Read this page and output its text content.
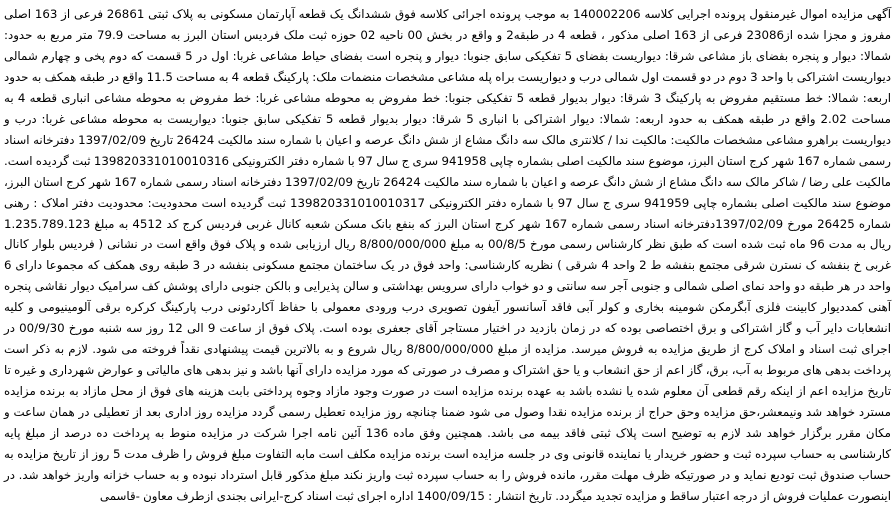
آگهی مزایده اموال غیرمنقول پرونده اجرایی کلاسه 140002206 به موجب پرونده اجرائی کلاسه فوق ششدانگ یک قطعه آپارتمان مسکونی به پلاک ثبتی 26861 فرعی از 163 اصلی مفروز و مجزا شده از23086 فرعی از 163 اصلی مذکور ، قطعه 4 در طبقه2 و واقع در بخش 00 ناحیه 02 حوزه ثبت ملک فردیس استان البرز به مساحت 79.9 متر مربع به حدود: شمالا: دیوار و پنجره بفضای باز مشاعی شرقا: دیواریست بفضای 5 تفکیکی سابق جنوبا: دیوار و پنجره است بفضای حیاط مشاعی غربا: اول در 5 قسمت که دوم پخی و چهارم شمالی دیواریست اشتراکی با واحد 3 دوم در دو قسمت اول شمالی درب و دیواریست براه پله مشاعی مشخصات منضمات ملک: پارکینگ قطعه 4 به مساحت 11.5 واقع در طبقه همکف به حدود اربعه: شمالا: خط مستقیم مفروض به پارکینگ 3 شرقا: دیوار بدیوار قطعه 5 تفکیکی جنوبا: خط مفروض به محوطه مشاعی غربا: خط مفروض به محوطه مشاعی انباری قطعه 4 به مساحت 2.02 واقع در طبقه همکف به حدود اربعه: شمالا: دیوار اشتراکی با انباری 5 شرقا: دیوار بدیوار قطعه 5 تفکیکی سابق جنوبا: دیواریست به محوطه مشاعی غربا: درب و دیواریست براهرو مشاعی مشخصات مالکیت: مالکیت ندا / کلانتری مالک سه دانگ مشاع از شش دانگ عرصه و اعیان با شماره سند مالکیت 26424 تاریخ 1397/02/09 دفترخانه اسناد رسمی شماره 167 شهر کرج استان البرز، موضوع سند مالکیت اصلی بشماره چاپی 941958 سری ج سال 97 با شماره دفتر الکترونیکی 139820331010010316 ثبت گردیده است. مالکیت علی رضا / شاکر مالک سه دانگ مشاع از شش دانگ عرصه و اعیان با شماره سند مالکیت 26424 تاریخ 1397/02/09 دفترخانه اسناد رسمی شماره 167 شهر کرج استان البرز، موضوع سند مالکیت اصلی بشماره چاپی 941959 سری ج سال 97 با شماره دفتر الکترونیکی 139820331010010317 ثبت گردیده است محدودیت: محدودیت دفتر املاک : رهنی شماره 26425 مورخ 1397/02/09دفترخانه اسناد رسمی شماره 167 شهر کرج استان البرز که بنفع بانک مسکن شعبه کانال غربی فردیس کرج کد 4512 به مبلغ 1.235.789.123 ریال به مدت 96 ماه ثبت شده است که طبق نظر کارشناس رسمی مورخ 00/8/5 به مبلغ 8/800/000/000 ریال ارزیابی شده و پلاک فوق واقع است در نشانی ( فردیس بلوار کانال غربی خ بنفشه ک نسترن شرقی مجتمع بنفشه ط 2 واحد 4 شرقی ) نظریه کارشناسی: واحد فوق در یک ساختمان مجتمع مسکونی بنفشه در 3 طبقه روی همکف که مجموعا دارای 6 واحد در هر طبقه دو واحد نمای اصلی شمالی و جنوبی آجر سه سانتی و دو خواب دارای سرویس بهداشتی و سالن پذیرایی و بالکن جنوبی دارای پوشش کف سرامیک دیوار نقاشی پنجره آهنی کمددیوار کابینت فلزی آبگرمکن شومینه بخاری و کولر آبی فاقد آسانسور آیفون تصویری درب ورودی معمولی با حفاظ آکاردئونی درب پارکینگ کرکره برقی آلومینیومی و کلیه انشعابات دایر آب و گاز اشتراکی و برق اختصاصی بوده که در زمان بازدید در اختیار مستاجر آقای جعفری بوده است. پلاک فوق از ساعت 9 الی 12 روز سه شنبه مورخ 00/9/30 در اجرای ثبت اسناد و املاک کرج از طریق مزایده به فروش میرسد. مزایده از مبلغ 8/800/000/000 ریال شروع و به بالاترین قیمت پیشنهادی نقداً فروخته می شود. لازم به ذکر است پرداخت بدهی های مربوط به آب، برق، گاز اعم از حق انشعاب و یا حق اشتراک و مصرف در صورتی که مورد مزایده دارای آنها باشد و نیز بدهی های مالیاتی و عوارض شهرداری و غیره تا تاریخ مزایده اعم از اینکه رقم قطعی آن معلوم شده یا نشده باشد به عهده برنده مزایده است در صورت وجود مازاد وجوه پرداختی بابت هزینه های فوق از محل مازاد به برنده مزایده مسترد خواهد شد ونیمعشر،حق مزایده وحق حراج از برنده مزایده نقدا وصول می شود ضمنا چنانچه روز مزایده تعطیل رسمی گردد مزایده روز اداری بعد از تعطیلی در همان ساعت و مکان مقرر برگزار خواهد شد لازم به توضیح است پلاک ثبتی فاقد بیمه می باشد. همچنین وفق ماده 136 آئین نامه اجرا شرکت در مزایده منوط به پرداخت ده درصد از مبلغ پایه کارشناسی به حساب سپرده ثبت و حضور خریدار یا نماینده قانونی وی در جلسه مزایده است برنده مزایده مکلف است مابه التفاوت مبلغ فروش را ظرف مدت 5 روز از تاریخ مزایده به حساب صندوق ثبت تودیع نماید و در صورتیکه ظرف مهلت مقرر، مانده فروش را به حساب سپرده ثبت واریز نکند مبلغ مذکور قابل استرداد نبوده و به حساب خزانه واریز خواهد شد. در اینصورت عملیات فروش از درجه اعتبار ساقط و مزایده تجدید میگردد. تاریخ انتشار : 1400/09/15 اداره اجرای ثبت اسناد کرج-ایرانی بجندی ازطرف معاون -قاسمی
